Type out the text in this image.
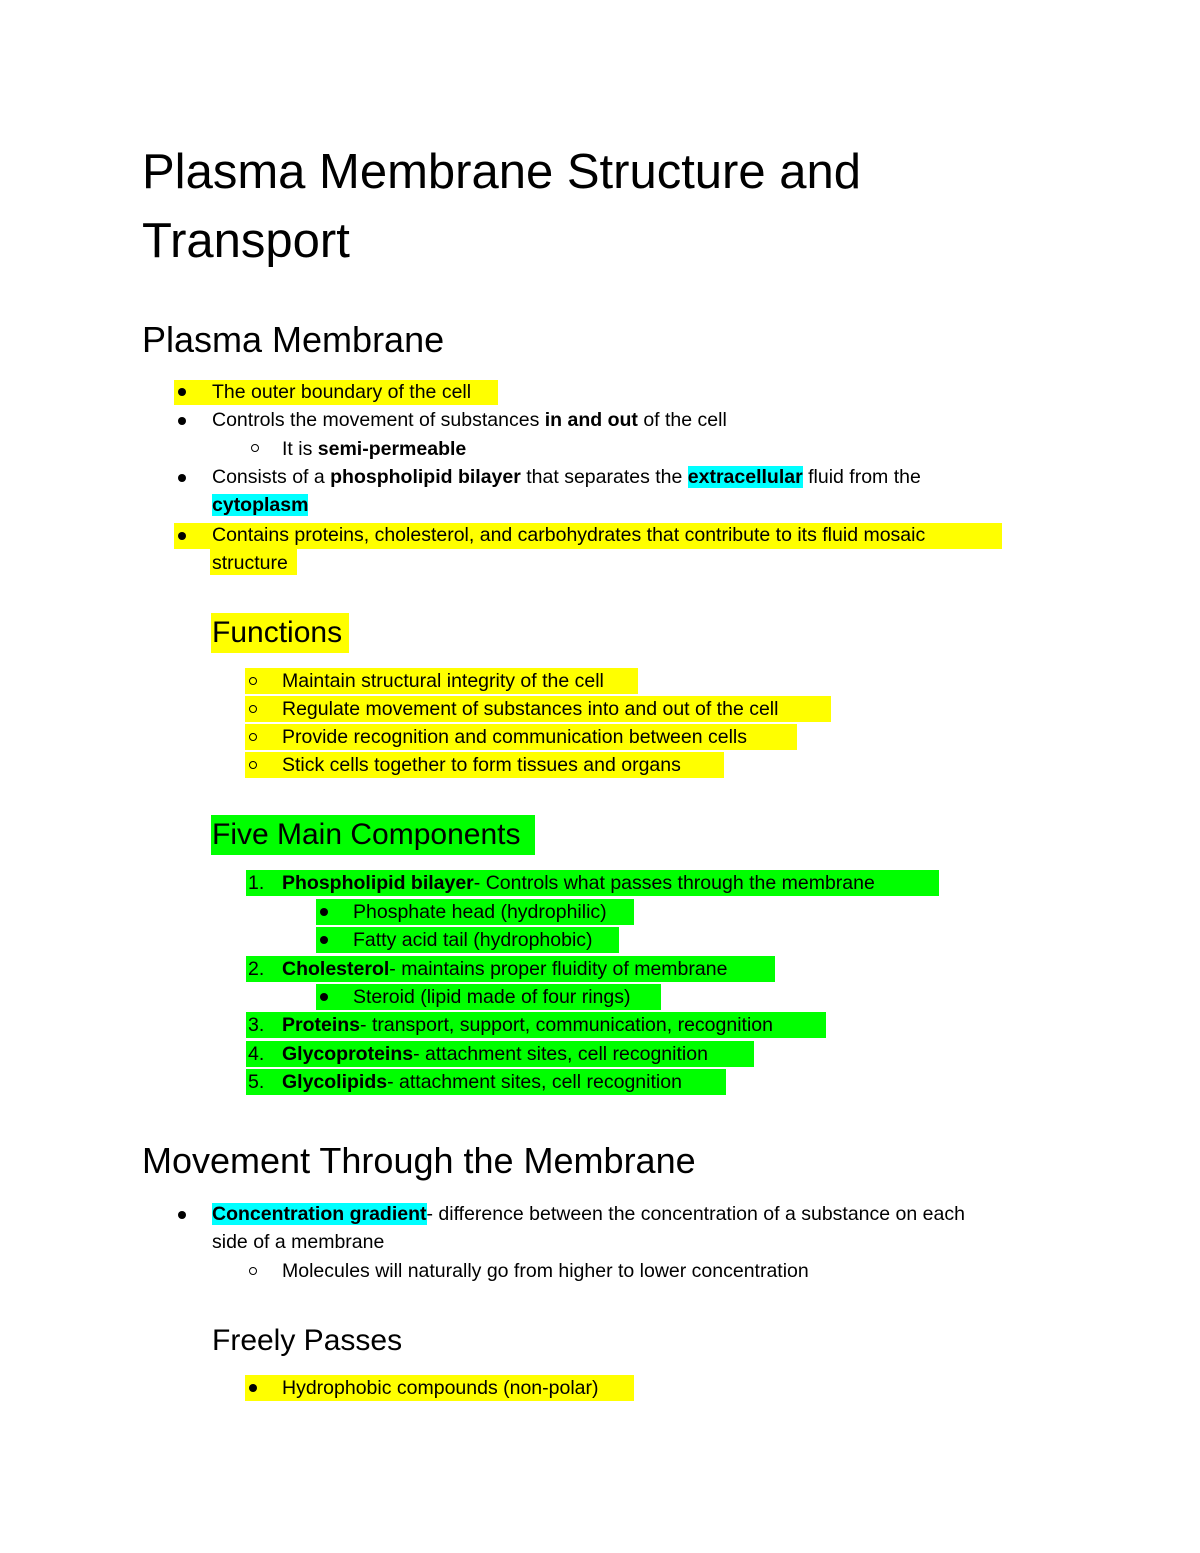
Plasma Membrane Structure and
Transport
Plasma Membrane
The outer boundary of the cell
Controls the movement of substances in and out of the cell
It is semi-permeable
Consists of a phospholipid bilayer that separates the extracellular fluid from the
cytoplasm
Contains proteins, cholesterol, and carbohydrates that contribute to its fluid mosaic
structure
Functions
Maintain structural integrity of the cell
Regulate movement of substances into and out of the cell
Provide recognition and communication between cells
Stick cells together to form tissues and organs
Five Main Components
1. Phospholipid bilayer- Controls what passes through the membrane
Phosphate head (hydrophilic)
Fatty acid tail (hydrophobic)
2. Cholesterol- maintains proper fluidity of membrane
Steroid (lipid made of four rings)
3. Proteins- transport, support, communication, recognition
4. Glycoproteins- attachment sites, cell recognition
5. Glycolipids- attachment sites, cell recognition
Movement Through the Membrane
Concentration gradient- difference between the concentration of a substance on each
side of a membrane
Molecules will naturally go from higher to lower concentration
Freely Passes
Hydrophobic compounds (non-polar)
